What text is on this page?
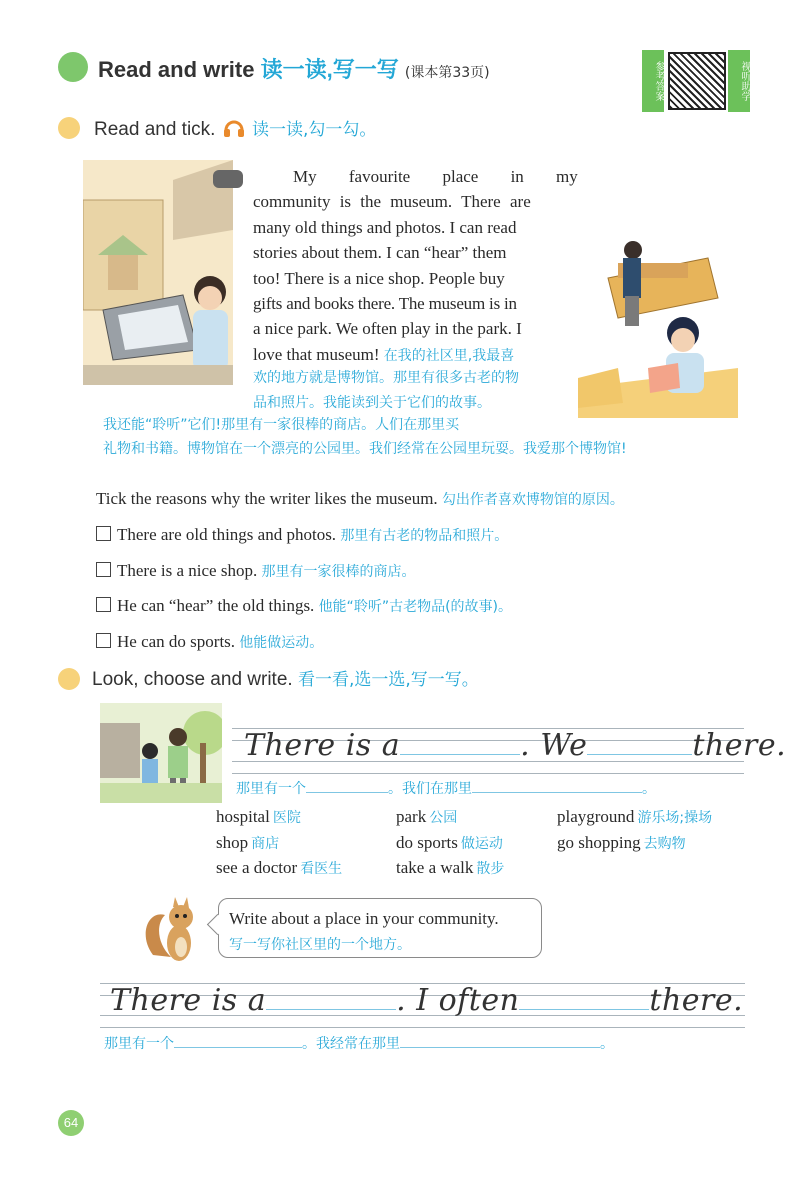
Read and write 读一读,写一写 (课本第33页)	参考答案	视听助学
Read and tick. 读一读,勾一勾。
My favourite place in my
community is the museum. There are
many old things and photos. I can read
stories about them. I can “hear” them
too! There is a nice shop. People buy
gifts and books there. The museum is in
a nice park. We often play in the park. I
love that museum! 在我的社区里,我最喜
欢的地方就是博物馆。那里有很多古老的物
品和照片。我能读到关于它们的故事。
我还能“聆听”它们!那里有一家很棒的商店。人们在那里买
礼物和书籍。博物馆在一个漂亮的公园里。我们经常在公园里玩耍。我爱那个博物馆!
Tick the reasons why the writer likes the museum. 勾出作者喜欢博物馆的原因。
There are old things and photos. 那里有古老的物品和照片。
There is a nice shop. 那里有一家很棒的商店。
He can “hear” the old things. 他能“聆听”古老物品(的故事)。
He can do sports. 他能做运动。
Look, choose and write. 看一看,选一选,写一写。
There is a	. We	there.
那里有一个	。我们在那里	。
hospital 医院	park 公园	playground 游乐场;操场
shop 商店	do sports 做运动	go shopping 去购物
see a doctor 看医生	take a walk 散步
Write about a place in your community.
写一写你社区里的一个地方。
There is a	. I often	there.
那里有一个	。我经常在那里	。
64
